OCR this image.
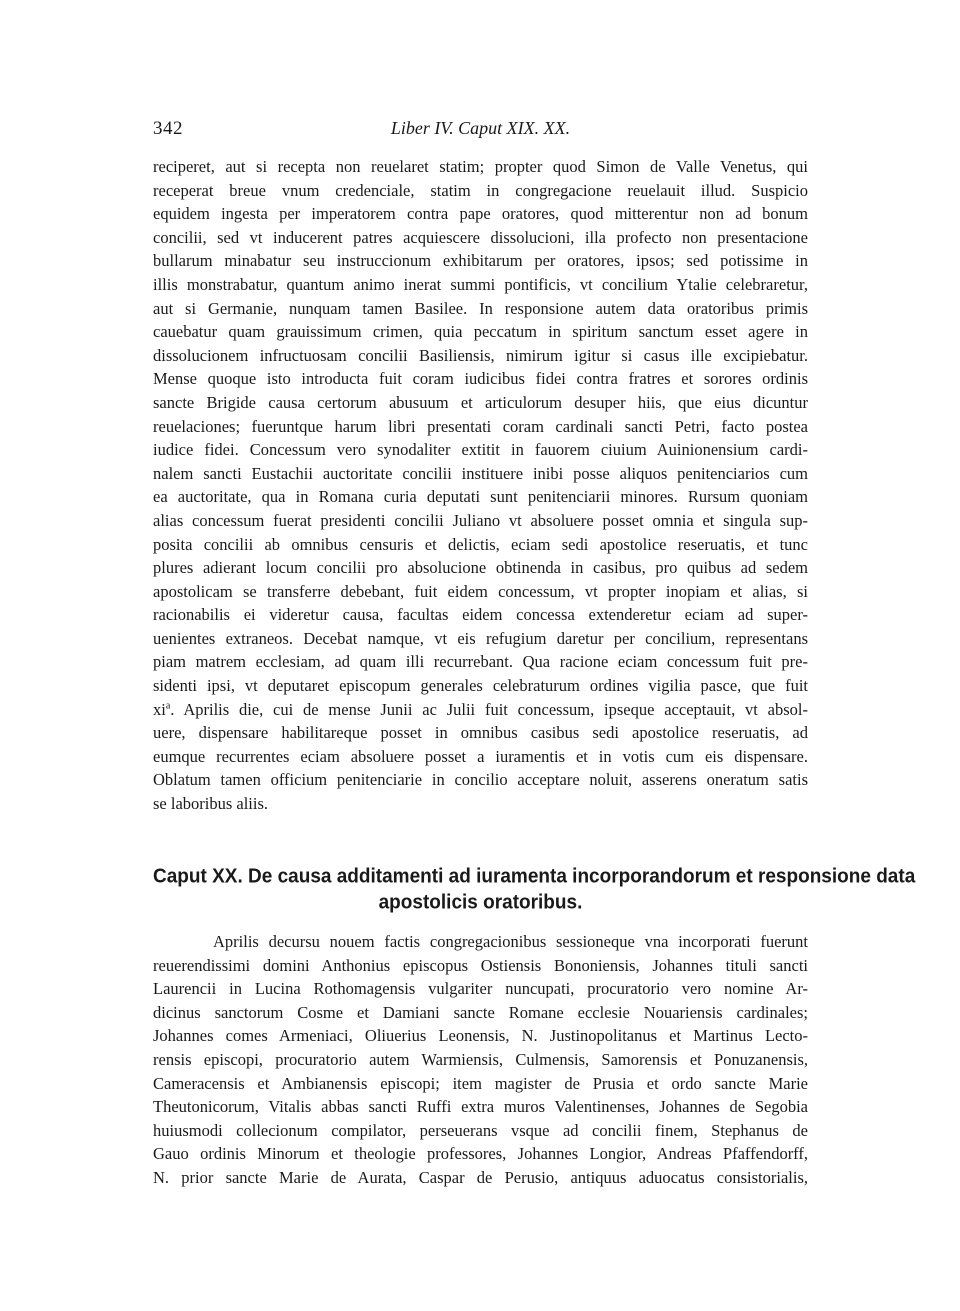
342	Liber IV. Caput XIX. XX.
reciperet, aut si recepta non reuelaret statim; propter quod Simon de Valle Venetus, qui
receperat breue vnum credenciale, statim in congregacione reuelauit illud. Suspicio
equidem ingesta per imperatorem contra pape oratores, quod mitterentur non ad bonum
concilii, sed vt inducerent patres acquiescere dissolucioni, illa profecto non presentacione
bullarum minabatur seu instruccionum exhibitarum per oratores, ipsos; sed potissime in
illis monstrabatur, quantum animo inerat summi pontificis, vt concilium Ytalie celebraretur,
aut si Germanie, nunquam tamen Basilee. In responsione autem data oratoribus primis
cauebatur quam grauissimum crimen, quia peccatum in spiritum sanctum esset agere in
dissolucionem infructuosam concilii Basiliensis, nimirum igitur si casus ille excipiebatur.
Mense quoque isto introducta fuit coram iudicibus fidei contra fratres et sorores ordinis
sancte Brigide causa certorum abusuum et articulorum desuper hiis, que eius dicuntur
reuelaciones; fueruntque harum libri presentati coram cardinali sancti Petri, facto postea
iudice fidei. Concessum vero synodaliter extitit in fauorem ciuium Auinionensium cardi-
nalem sancti Eustachii auctoritate concilii instituere inibi posse aliquos penitenciarios cum
ea auctoritate, qua in Romana curia deputati sunt penitenciarii minores. Rursum quoniam
alias concessum fuerat presidenti concilii Juliano vt absoluere posset omnia et singula sup-
posita concilii ab omnibus censuris et delictis, eciam sedi apostolice reseruatis, et tunc
plures adierant locum concilii pro absolucione obtinenda in casibus, pro quibus ad sedem
apostolicam se transferre debebant, fuit eidem concessum, vt propter inopiam et alias, si
racionabilis ei videretur causa, facultas eidem concessa extenderetur eciam ad super-
uenientes extraneos. Decebat namque, vt eis refugium daretur per concilium, representans
piam matrem ecclesiam, ad quam illi recurrebant. Qua racione eciam concessum fuit pre-
sidenti ipsi, vt deputaret episcopum generales celebraturum ordines vigilia pasce, que fuit
$xi^a$. Aprilis die, cui de mense Junii ac Julii fuit concessum, ipseque acceptauit, vt absol-
uere, dispensare habilitareque posset in omnibus casibus sedi apostolice reseruatis, ad
eumque recurrentes eciam absoluere posset a iuramentis et in votis cum eis dispensare.
Oblatum tamen officium penitenciarie in concilio acceptare noluit, asserens oneratum satis
se laboribus aliis.
Caput XX. De causa additamenti ad iuramenta incorporandorum et responsione data
apostolicis oratoribus.
Aprilis decursu nouem factis congregacionibus sessioneque vna incorporati fuerunt
reuerendissimi domini Anthonius episcopus Ostiensis Bononiensis, Johannes tituli sancti
Laurencii in Lucina Rothomagensis vulgariter nuncupati, procuratorio vero nomine Ar-
dicinus sanctorum Cosme et Damiani sancte Romane ecclesie Nouariensis cardinales;
Johannes comes Armeniaci, Oliuerius Leonensis, N. Justinopolitanus et Martinus Lecto-
rensis episcopi, procuratorio autem Warmiensis, Culmensis, Samorensis et Ponuzanensis,
Cameracensis et Ambianensis episcopi; item magister de Prusia et ordo sancte Marie
Theutonicorum, Vitalis abbas sancti Ruffi extra muros Valentinenses, Johannes de Segobia
huiusmodi collecionum compilator, perseuerans vsque ad concilii finem, Stephanus de
Gauo ordinis Minorum et theologie professores, Johannes Longior, Andreas Pfaffendorff,
N. prior sancte Marie de Aurata, Caspar de Perusio, antiquus aduocatus consistorialis,
